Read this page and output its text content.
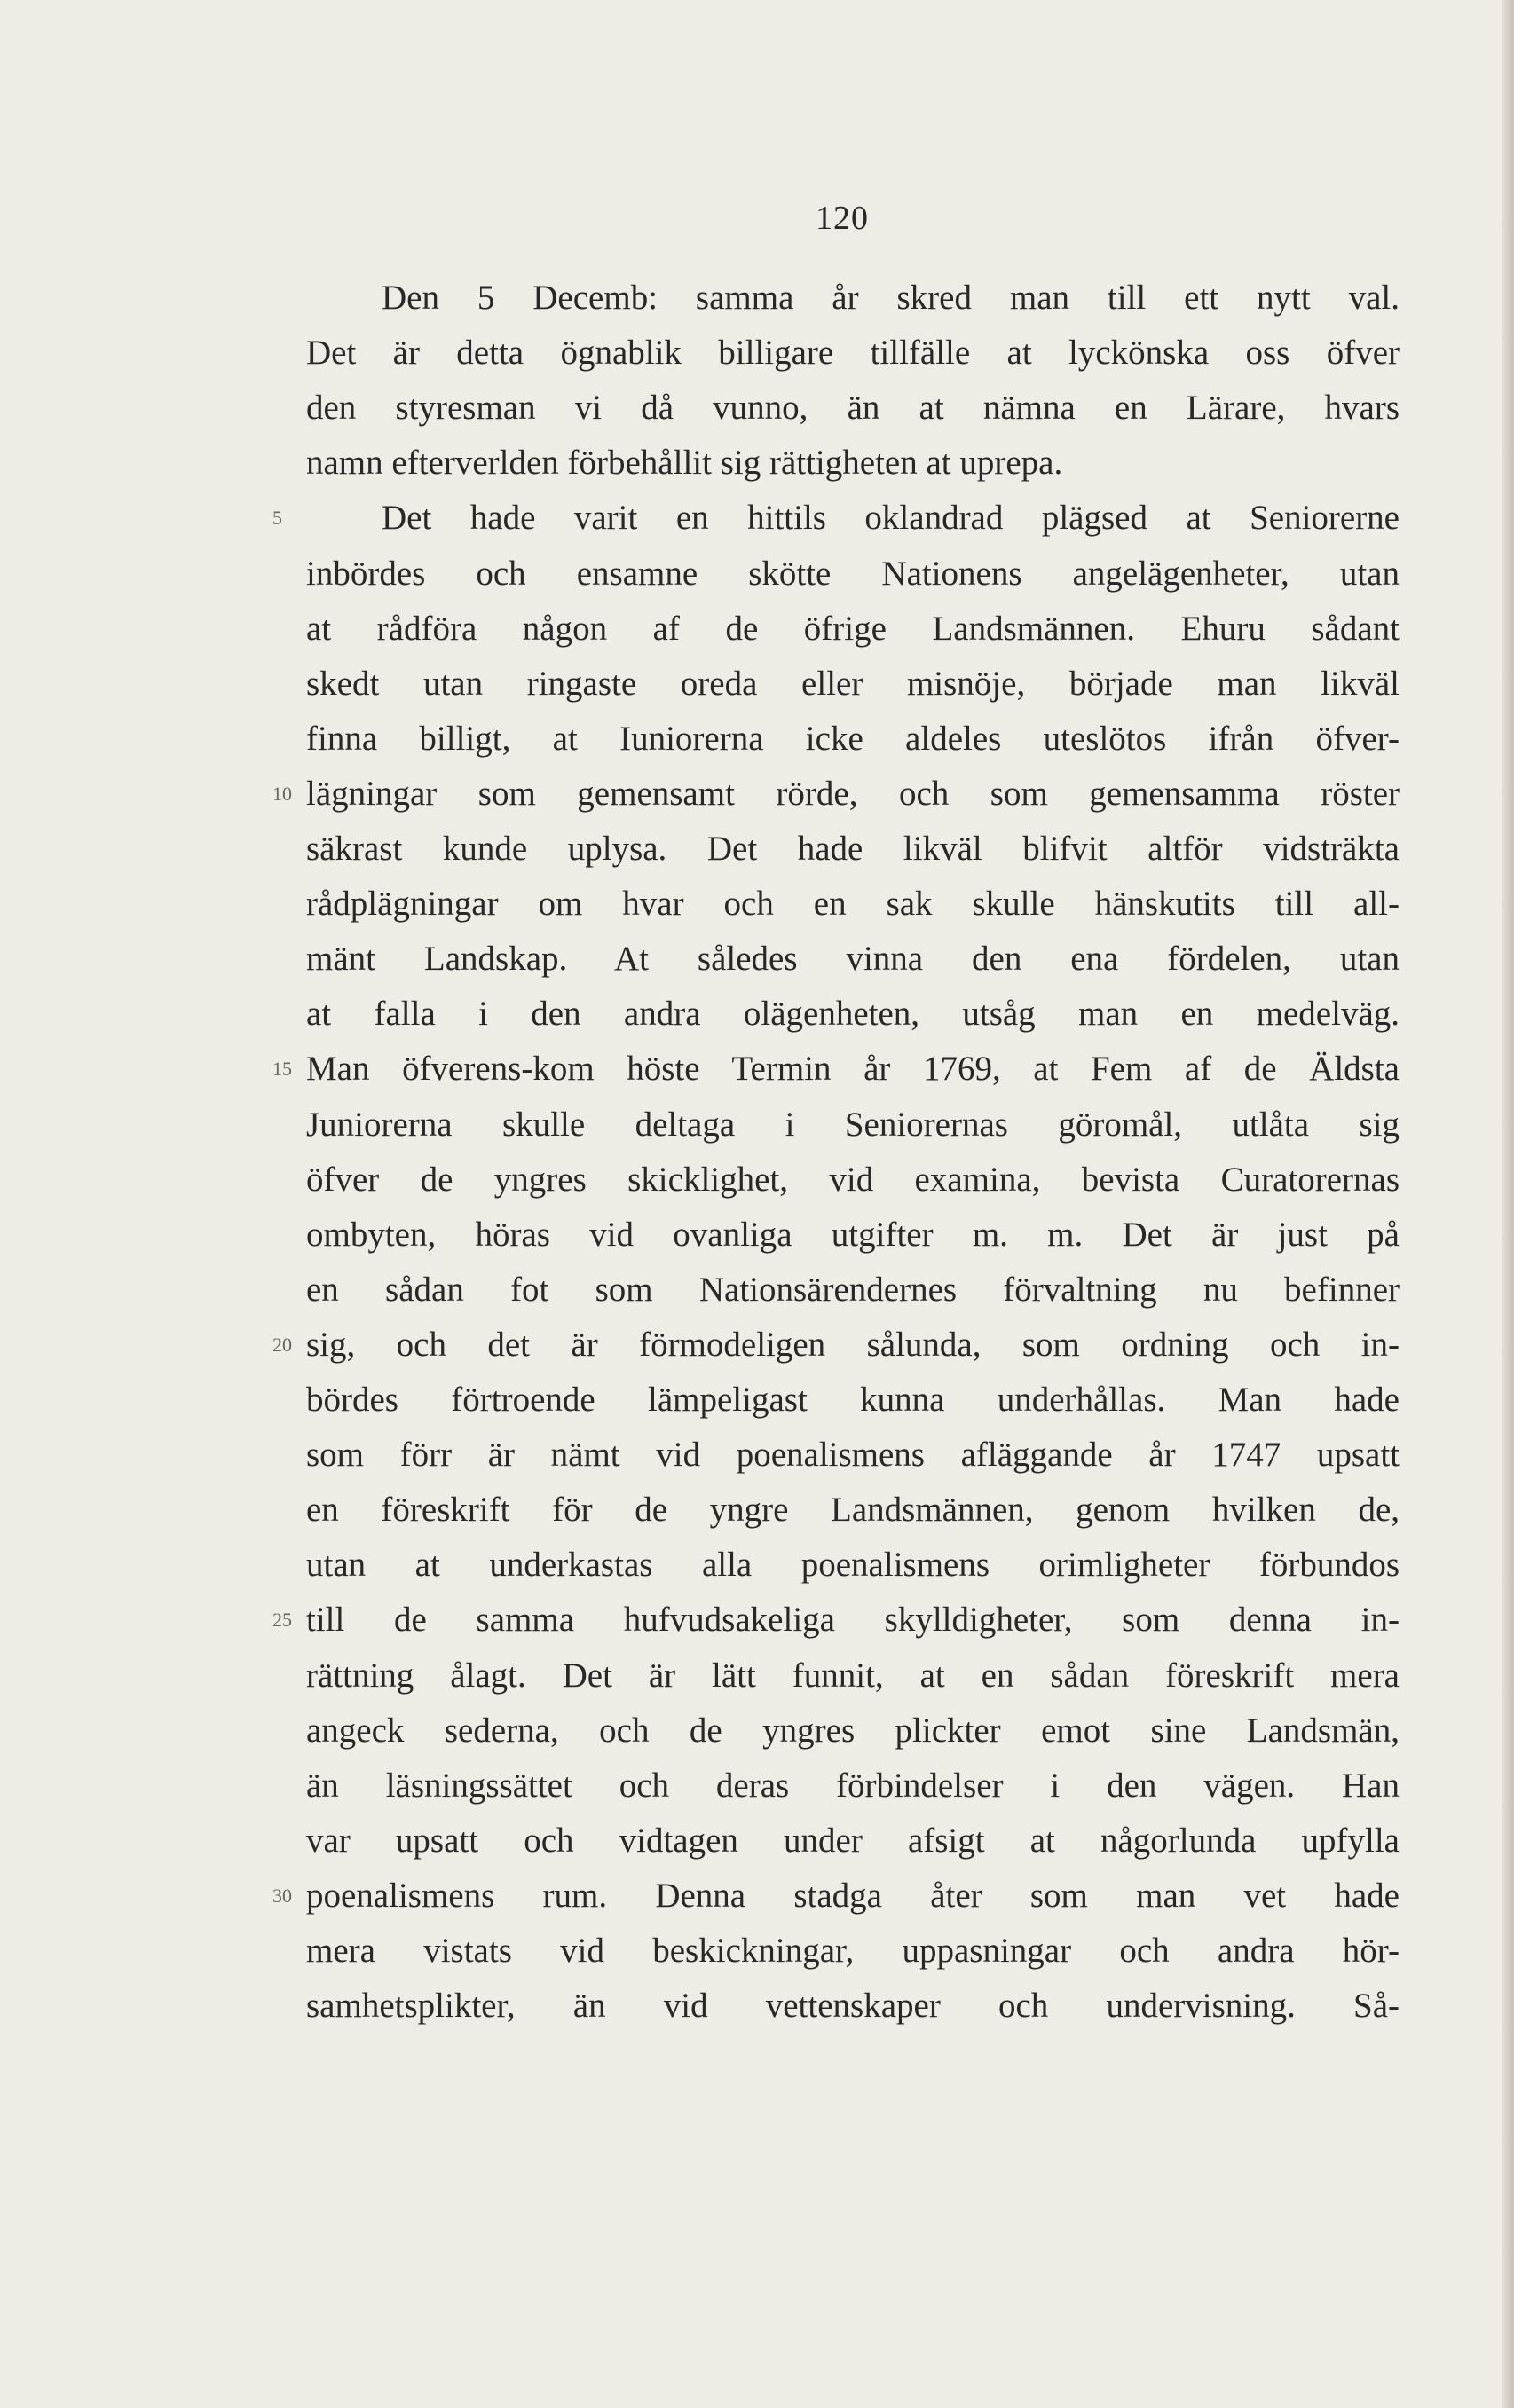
120
Den 5 Decemb: samma år skred man till ett nytt val.
Det är detta ögnablik billigare tillfälle at lyckönska oss öfver
den styresman vi då vunno, än at nämna en Lärare, hvars
namn efterverlden förbehållit sig rättigheten at uprepa.
Det hade varit en hittils oklandrad plägsed at Seniorerne
5
inbördes och ensamne skötte Nationens angelägenheter, utan
at rådföra någon af de öfrige Landsmännen. Ehuru sådant
skedt utan ringaste oreda eller misnöje, började man likväl
finna billigt, at Iuniorerna icke aldeles uteslötos ifrån öfver-
lägningar som gemensamt rörde, och som gemensamma röster
10
säkrast kunde uplysa. Det hade likväl blifvit altför vidsträkta
rådplägningar om hvar och en sak skulle hänskutits till all-
mänt Landskap. At således vinna den ena fördelen, utan
at falla i den andra olägenheten, utsåg man en medelväg.
Man öfverens-kom höste Termin år 1769, at Fem af de Äldsta
15
Juniorerna skulle deltaga i Seniorernas göromål, utlåta sig
öfver de yngres skicklighet, vid examina, bevista Curatorernas
ombyten, höras vid ovanliga utgifter m. m. Det är just på
en sådan fot som Nationsärendernes förvaltning nu befinner
sig, och det är förmodeligen sålunda, som ordning och in-
20
bördes förtroende lämpeligast kunna underhållas. Man hade
som förr är nämt vid poenalismens afläggande år 1747 upsatt
en föreskrift för de yngre Landsmännen, genom hvilken de,
utan at underkastas alla poenalismens orimligheter förbundos
till de samma hufvudsakeliga skylldigheter, som denna in-
25
rättning ålagt. Det är lätt funnit, at en sådan föreskrift mera
angeck sederna, och de yngres plickter emot sine Landsmän,
än läsningssättet och deras förbindelser i den vägen. Han
var upsatt och vidtagen under afsigt at någorlunda upfylla
poenalismens rum. Denna stadga åter som man vet hade
30
mera vistats vid beskickningar, uppasningar och andra hör-
samhetsplikter, än vid vettenskaper och undervisning. Så-
